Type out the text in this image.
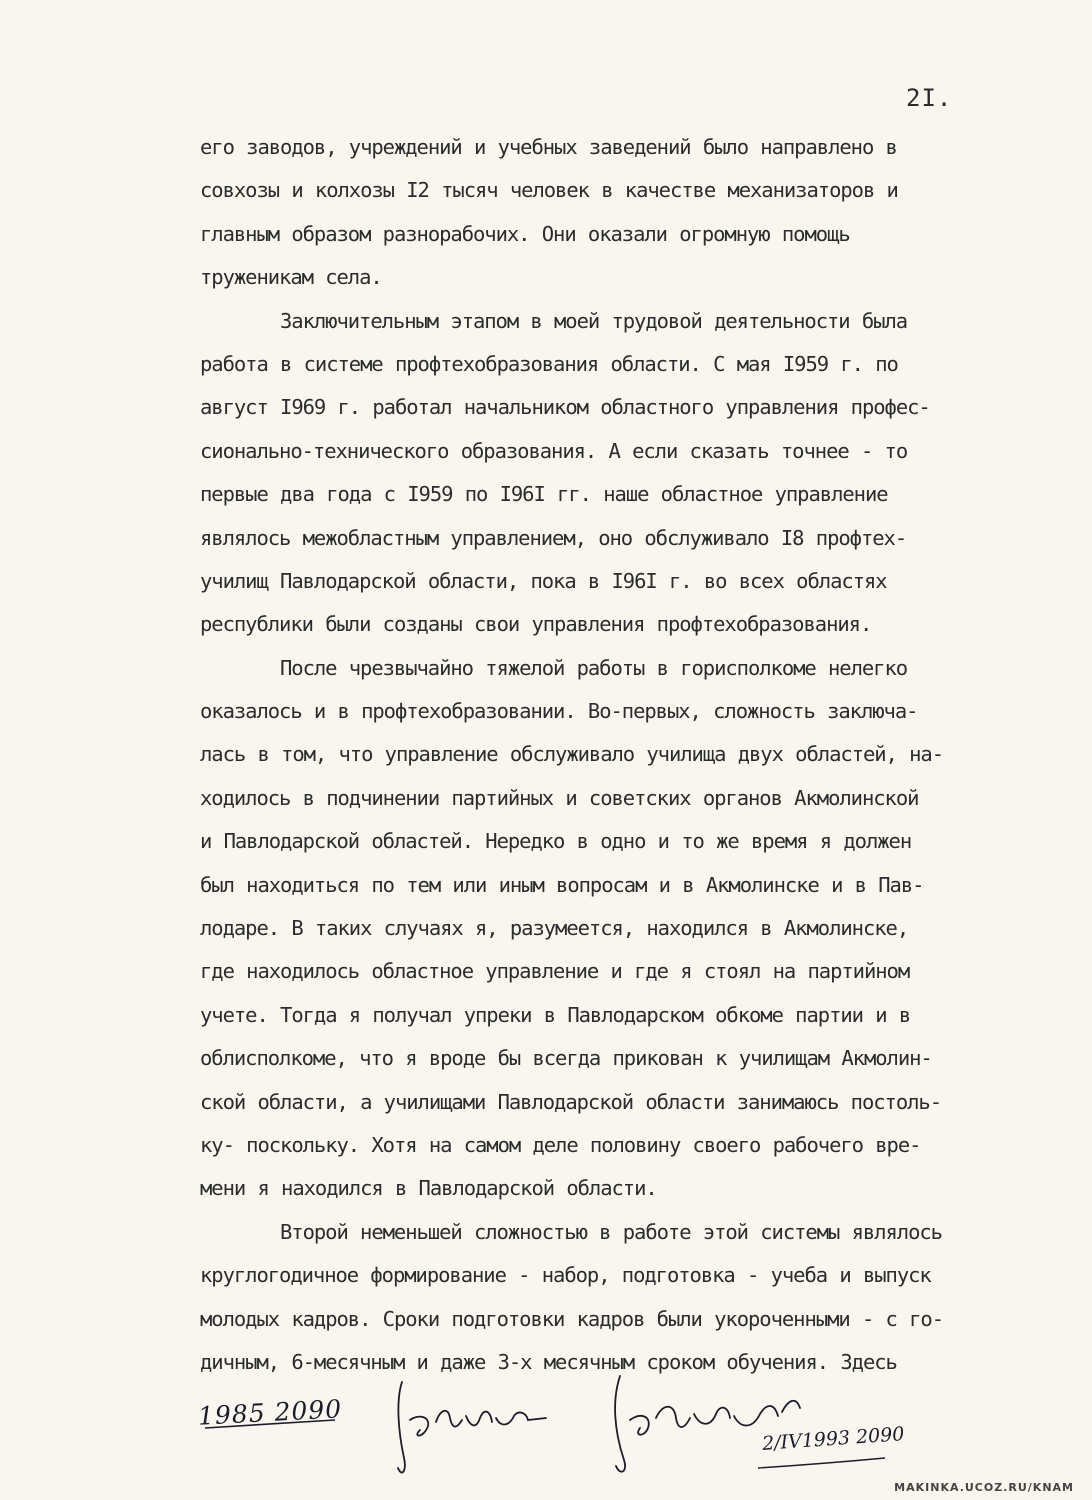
2I.
его заводов, учреждений и учебных заведений было направлено в
совхозы и колхозы I2 тысяч человек в качестве механизаторов и
главным образом разнорабочих. Они оказали огромную помощь
труженикам села.
Заключительным этапом в моей трудовой деятельности была
работа в системе профтехобразования области. С мая I959 г. по
август I969 г. работал начальником областного управления профес-
сионально-технического образования. А если сказать точнее - то
первые два года с I959 по I96I гг. наше областное управление
являлось межобластным управлением, оно обслуживало I8 профтех-
училищ Павлодарской области, пока в I96I г. во всех областях
республики были созданы свои управления профтехобразования.
После чрезвычайно тяжелой работы в горисполкоме нелегко
оказалось и в профтехобразовании. Во-первых, сложность заключа-
лась в том, что управление обслуживало училища двух областей, на-
ходилось в подчинении партийных и советских органов Акмолинской
и Павлодарской областей. Нередко в одно и то же время я должен
был находиться по тем или иным вопросам и в Акмолинске и в Пав-
лодаре. В таких случаях я, разумеется, находился в Акмолинске,
где находилось областное управление и где я стоял на партийном
учете. Тогда я получал упреки в Павлодарском обкоме партии и в
облисполкоме, что я вроде бы всегда прикован к училищам Акмолин-
ской области, а училищами Павлодарской области занимаюсь постоль-
ку- поскольку. Хотя на самом деле половину своего рабочего вре-
мени я находился в Павлодарской области.
Второй неменьшей сложностью в работе этой системы являлось
круглогодичное формирование - набор, подготовка - учеба и выпуск
молодых кадров. Сроки подготовки кадров были укороченными - с го-
дичным, 6-месячным и даже 3-х месячным сроком обучения. Здесь
1985 2090
2/IV1993 2090
MAKINKA.UCOZ.RU/KNAM
